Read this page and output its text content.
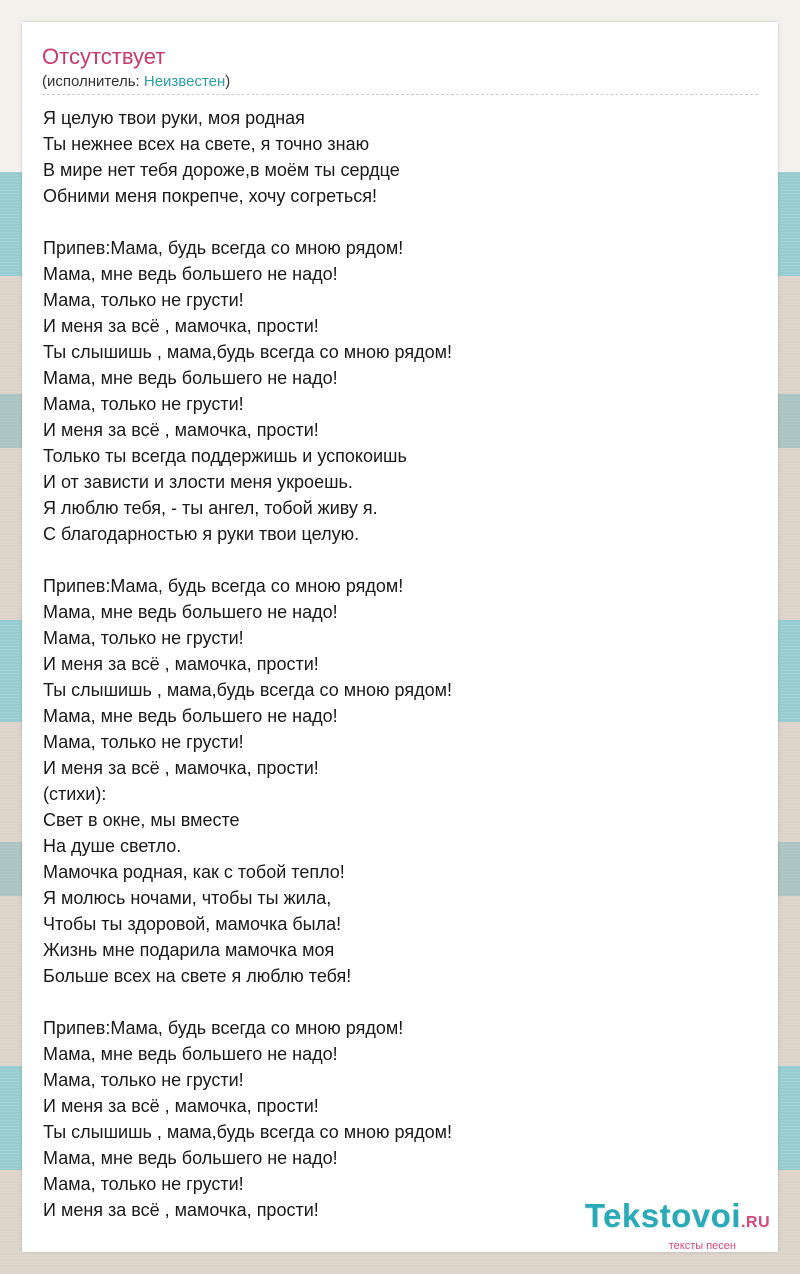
Отсутствует
(исполнитель: Неизвестен)
Я целую твои руки, моя родная
Ты нежнее всех на свете, я точно знаю
В мире нет тебя дороже,в моём ты сердце
Обними меня покрепче, хочу согреться!
Припев:Мама, будь всегда со мною рядом!
Мама, мне ведь большего не надо!
Мама, только не грусти!
И меня за всё , мамочка, прости!
Ты слышишь , мама,будь всегда со мною рядом!
Мама, мне ведь большего не надо!
Мама, только не грусти!
И меня за всё , мамочка, прости!
Только ты всегда поддержишь и успокоишь
И от зависти и злости меня укроешь.
Я люблю тебя, - ты ангел, тобой живу я.
С благодарностью я руки твои целую.
Припев:Мама, будь всегда со мною рядом!
Мама, мне ведь большего не надо!
Мама, только не грусти!
И меня за всё , мамочка, прости!
Ты слышишь , мама,будь всегда со мною рядом!
Мама, мне ведь большего не надо!
Мама, только не грусти!
И меня за всё , мамочка, прости!
(стихи):
Свет в окне, мы вместе
На душе светло.
Мамочка родная, как с тобой тепло!
Я молюсь ночами, чтобы ты жила,
Чтобы ты здоровой, мамочка была!
Жизнь мне подарила мамочка моя
Больше всех на свете я люблю тебя!
Припев:Мама, будь всегда со мною рядом!
Мама, мне ведь большего не надо!
Мама, только не грусти!
И меня за всё , мамочка, прости!
Ты слышишь , мама,будь всегда со мною рядом!
Мама, мне ведь большего не надо!
Мама, только не грусти!
И меня за всё , мамочка, прости!	Tekstovoi.RU
тексты песен
